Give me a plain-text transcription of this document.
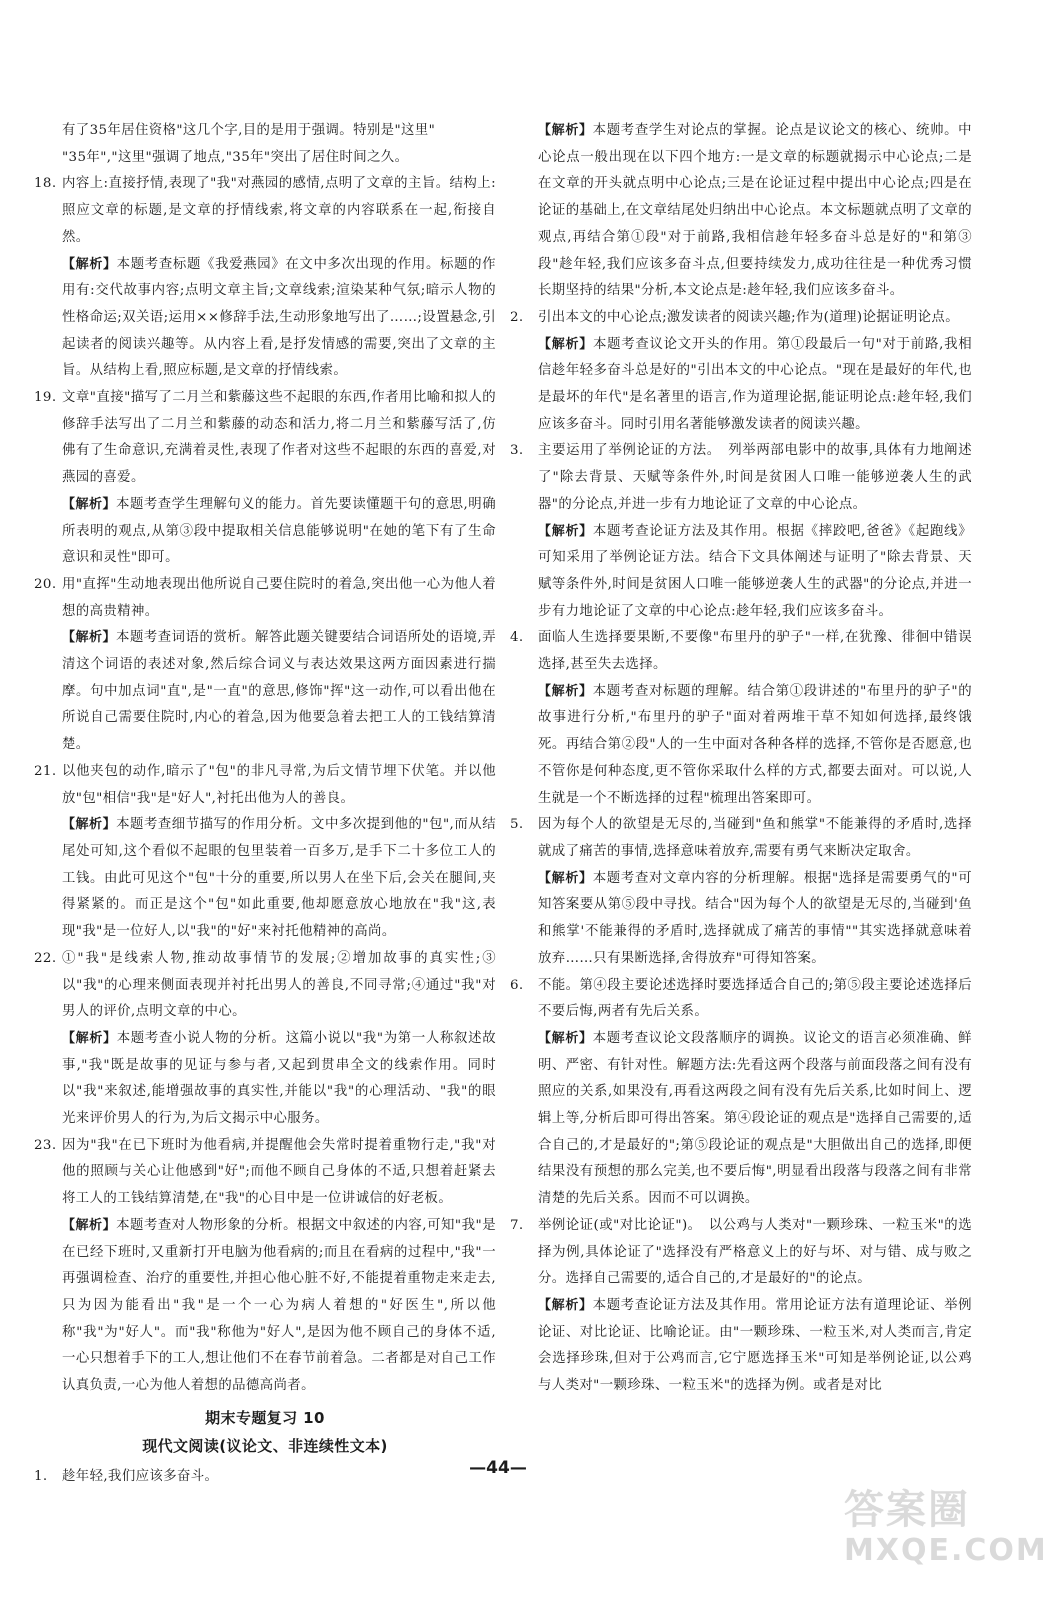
有了35年居住资格"这几个字,目的是用于强调。特别是"这里"

"35年","这里"强调了地点,"35年"突出了居住时间之久。

18. 内容上:直接抒情,表现了"我"对燕园的感情,点明了文章的主旨。结构上:照应文章的标题,是文章的抒情线索,将文章的内容联系在一起,衔接自然。

【解析】本题考查标题《我爱燕园》在文中多次出现的作用。标题的作用有:交代故事内容;点明文章主旨;文章线索;渲染某种气氛;暗示人物的性格命运;双关语;运用××修辞手法,生动形象地写出了……;设置悬念,引起读者的阅读兴趣等。从内容上看,是抒发情感的需要,突出了文章的主旨。从结构上看,照应标题,是文章的抒情线索。

19. 文章"直接"描写了二月兰和紫藤这些不起眼的东西,作者用比喻和拟人的修辞手法写出了二月兰和紫藤的动态和活力,将二月兰和紫藤写活了,仿佛有了生命意识,充满着灵性,表现了作者对这些不起眼的东西的喜爱,对燕园的喜爱。

【解析】本题考查学生理解句义的能力。首先要读懂题干句的意思,明确所表明的观点,从第③段中提取相关信息能够说明"在她的笔下有了生命意识和灵性"即可。

20. 用"直挥"生动地表现出他所说自己要住院时的着急,突出他一心为他人着想的高贵精神。

【解析】本题考查词语的赏析。解答此题关键要结合词语所处的语境,弄清这个词语的表述对象,然后综合词义与表达效果这两方面因素进行揣摩。句中加点词"直",是"一直"的意思,修饰"挥"这一动作,可以看出他在所说自己需要住院时,内心的着急,因为他要急着去把工人的工钱结算清楚。

21. 以他夹包的动作,暗示了"包"的非凡寻常,为后文情节埋下伏笔。并以他放"包"相信"我"是"好人",衬托出他为人的善良。

【解析】本题考查细节描写的作用分析。文中多次提到他的"包",而从结尾处可知,这个看似不起眼的包里装着一百多万,是手下二十多位工人的工钱。由此可见这个"包"十分的重要,所以男人在坐下后,会关在腿间,夹得紧紧的。而正是这个"包"如此重要,他却愿意放心地放在"我"这,表现"我"是一位好人,以"我"的"好"来衬托他精神的高尚。

22. ①"我"是线索人物,推动故事情节的发展;②增加故事的真实性;③以"我"的心理来侧面表现并衬托出男人的善良,不同寻常;④通过"我"对男人的评价,点明文章的中心。

【解析】本题考查小说人物的分析。这篇小说以"我"为第一人称叙述故事,"我"既是故事的见证与参与者,又起到贯串全文的线索作用。同时以"我"来叙述,能增强故事的真实性,并能以"我"的心理活动、"我"的眼光来评价男人的行为,为后文揭示中心服务。

23. 因为"我"在已下班时为他看病,并提醒他会失常时提着重物行走,"我"对他的照顾与关心让他感到"好";而他不顾自己身体的不适,只想着赶紧去将工人的工钱结算清楚,在"我"的心目中是一位讲诚信的好老板。

【解析】本题考查对人物形象的分析。根据文中叙述的内容,可知"我"是在已经下班时,又重新打开电脑为他看病的;而且在看病的过程中,"我"一再强调检查、治疗的重要性,并担心他心脏不好,不能提着重物走来走去,只为因为能看出"我"是一个一心为病人着想的"好医生",所以他称"我"为"好人"。而"我"称他为"好人",是因为他不顾自己的身体不适,一心只想着手下的工人,想让他们不在春节前着急。二者都是对自己工作认真负责,一心为他人着想的品德高尚者。

期末专题复习 10

现代文阅读(议论文、非连续性文本)

1.	趁年轻,我们应该多奋斗。

【解析】本题考查学生对论点的掌握。论点是议论文的核心、统帅。中心论点一般出现在以下四个地方:一是文章的标题就揭示中心论点;二是在文章的开头就点明中心论点;三是在论证过程中提出中心论点;四是在论证的基础上,在文章结尾处归纳出中心论点。本文标题就点明了文章的观点,再结合第①段"对于前路,我相信趁年轻多奋斗总是好的"和第③段"趁年轻,我们应该多奋斗点,但要持续发力,成功往往是一种优秀习惯长期坚持的结果"分析,本文论点是:趁年轻,我们应该多奋斗。

2.	引出本文的中心论点;激发读者的阅读兴趣;作为(道理)论据证明论点。

【解析】本题考查议论文开头的作用。第①段最后一句"对于前路,我相信趁年轻多奋斗总是好的"引出本文的中心论点。"现在是最好的年代,也是最坏的年代"是名著里的语言,作为道理论据,能证明论点:趁年轻,我们应该多奋斗。同时引用名著能够激发读者的阅读兴趣。

3.	主要运用了举例论证的方法。　列举两部电影中的故事,具体有力地阐述了"除去背景、天赋等条件外,时间是贫困人口唯一能够逆袭人生的武器"的分论点,并进一步有力地论证了文章的中心论点。

【解析】本题考查论证方法及其作用。根据《摔跤吧,爸爸》《起跑线》可知采用了举例论证方法。结合下文具体阐述与证明了"除去背景、天赋等条件外,时间是贫困人口唯一能够逆袭人生的武器"的分论点,并进一步有力地论证了文章的中心论点:趁年轻,我们应该多奋斗。

4.	面临人生选择要果断,不要像"布里丹的驴子"一样,在犹豫、徘徊中错误选择,甚至失去选择。

【解析】本题考查对标题的理解。结合第①段讲述的"布里丹的驴子"的故事进行分析,"布里丹的驴子"面对着两堆干草不知如何选择,最终饿死。再结合第②段"人的一生中面对各种各样的选择,不管你是否愿意,也不管你是何种态度,更不管你采取什么样的方式,都要去面对。可以说,人生就是一个不断选择的过程"梳理出答案即可。

5.	因为每个人的欲望是无尽的,当碰到"鱼和熊掌"不能兼得的矛盾时,选择就成了痛苦的事情,选择意味着放弃,需要有勇气来断决定取舍。

【解析】本题考查对文章内容的分析理解。根据"选择是需要勇气的"可知答案要从第⑤段中寻找。结合"因为每个人的欲望是无尽的,当碰到'鱼和熊掌'不能兼得的矛盾时,选择就成了痛苦的事情""其实选择就意味着放弃……只有果断选择,舍得放弃"可得知答案。

6.	不能。第④段主要论述选择时要选择适合自己的;第⑤段主要论述选择后不要后悔,两者有先后关系。

【解析】本题考查议论文段落顺序的调换。议论文的语言必须准确、鲜明、严密、有针对性。解题方法:先看这两个段落与前面段落之间有没有照应的关系,如果没有,再看这两段之间有没有先后关系,比如时间上、逻辑上等,分析后即可得出答案。第④段论证的观点是"选择自己需要的,适合自己的,才是最好的";第⑤段论证的观点是"大胆做出自己的选择,即便结果没有预想的那么完美,也不要后悔",明显看出段落与段落之间有非常清楚的先后关系。因而不可以调换。

7.	举例论证(或"对比论证")。　以公鸡与人类对"一颗珍珠、一粒玉米"的选择为例,具体论证了"选择没有严格意义上的好与坏、对与错、成与败之分。选择自己需要的,适合自己的,才是最好的"的论点。

【解析】本题考查论证方法及其作用。常用论证方法有道理论证、举例论证、对比论证、比喻论证。由"一颗珍珠、一粒玉米,对人类而言,肯定会选择珍珠,但对于公鸡而言,它宁愿选择玉米"可知是举例论证,以公鸡与人类对"一颗珍珠、一粒玉米"的选择为例。或者是对比

—44—
答案圈
MXQE.COM
